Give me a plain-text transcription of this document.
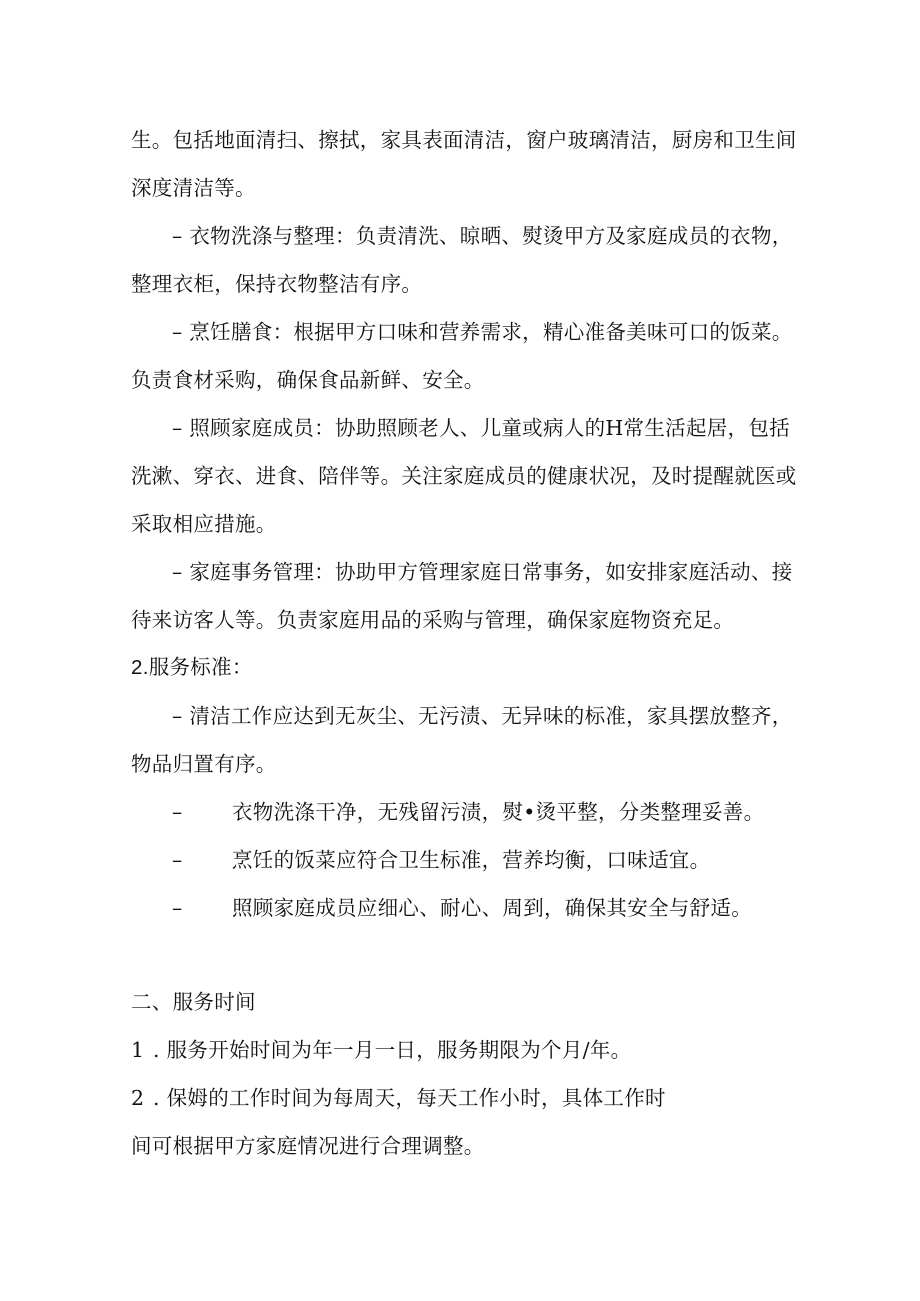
生。包括地面清扫、擦拭，家具表面清洁，窗户玻璃清洁，厨房和卫生间
深度清洁等。
– 衣物洗涤与整理：负责清洗、晾晒、熨烫甲方及家庭成员的衣物，
整理衣柜，保持衣物整洁有序。
– 烹饪膳食：根据甲方口味和营养需求，精心准备美味可口的饭菜。
负责食材采购，确保食品新鲜、安全。
– 照顾家庭成员：协助照顾老人、儿童或病人的H常生活起居，包括
洗漱、穿衣、进食、陪伴等。关注家庭成员的健康状况，及时提醒就医或
采取相应措施。
– 家庭事务管理：协助甲方管理家庭日常事务，如安排家庭活动、接
待来访客人等。负责家庭用品的采购与管理，确保家庭物资充足。
2.服务标准：
– 清洁工作应达到无灰尘、无污渍、无异味的标准，家具摆放整齐，
物品归置有序。
– 衣物洗涤干净，无残留污渍，熨•烫平整，分类整理妥善。
– 烹饪的饭菜应符合卫生标准，营养均衡，口味适宜。
– 照顾家庭成员应细心、耐心、周到，确保其安全与舒适。
二、服务时间
1 . 服务开始时间为年一月一日，服务期限为个月/年。
2 . 保姆的工作时间为每周天，每天工作小时，具体工作时
间可根据甲方家庭情况进行合理调整。
